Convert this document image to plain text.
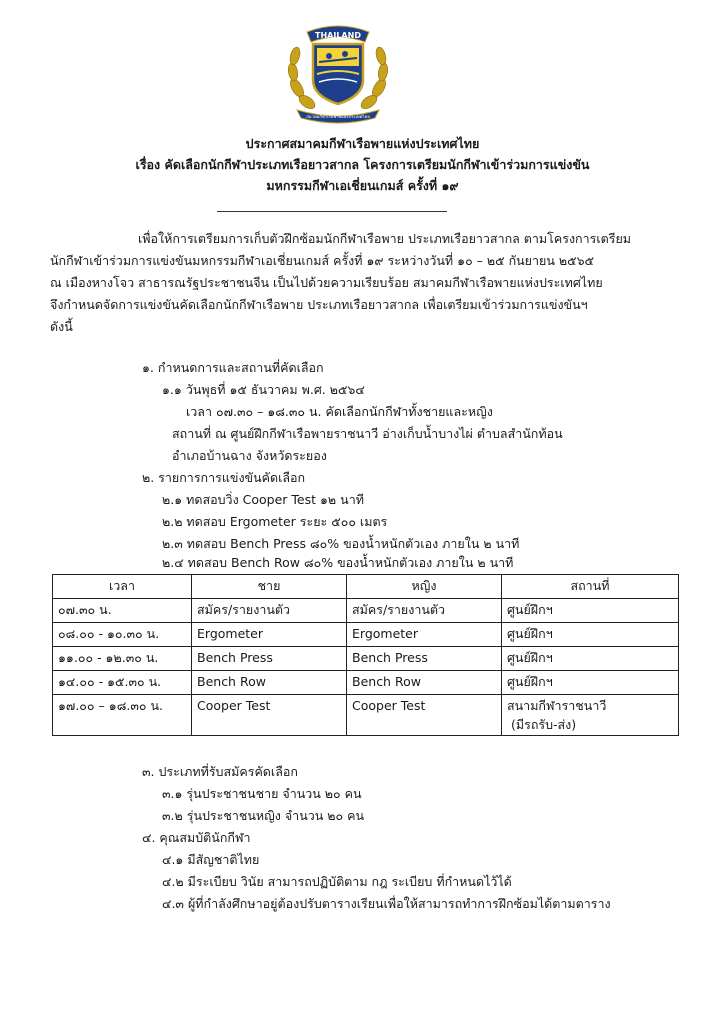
THAILAND
สมาคมกีฬาเรือพายแห่งประเทศไทย
ประกาศสมาคมกีฬาเรือพายแห่งประเทศไทย
เรื่อง คัดเลือกนักกีฬาประเภทเรือยาวสากล โครงการเตรียมนักกีฬาเข้าร่วมการแข่งขัน
มหกรรมกีฬาเอเชี่ยนเกมส์ ครั้งที่ ๑๙

เพื่อให้การเตรียมการเก็บตัวฝึกซ้อมนักกีฬาเรือพาย ประเภทเรือยาวสากล ตามโครงการเตรียม

นักกีฬาเข้าร่วมการแข่งขันมหกรรมกีฬาเอเชี่ยนเกมส์ ครั้งที่ ๑๙ ระหว่างวันที่ ๑๐ – ๒๕ กันยายน ๒๕๖๕

ณ เมืองหางโจว สาธารณรัฐประชาชนจีน เป็นไปด้วยความเรียบร้อย สมาคมกีฬาเรือพายแห่งประเทศไทย

จึงกำหนดจัดการแข่งขันคัดเลือกนักกีฬาเรือพาย ประเภทเรือยาวสากล เพื่อเตรียมเข้าร่วมการแข่งขันฯ

ดังนี้

๑. กำหนดการและสถานที่คัดเลือก
๑.๑ วันพุธที่ ๑๕ ธันวาคม พ.ศ. ๒๕๖๔
เวลา ๐๗.๓๐ – ๑๘.๓๐ น. คัดเลือกนักกีฬาทั้งชายและหญิง
สถานที่ ณ ศูนย์ฝึกกีฬาเรือพายราชนาวี อ่างเก็บน้ำบางไผ่ ตำบลสำนักท้อน
อำเภอบ้านฉาง จังหวัดระยอง
๒. รายการการแข่งขันคัดเลือก
๒.๑ ทดสอบวิ่ง Cooper Test ๑๒ นาที
๒.๒ ทดสอบ Ergometer ระยะ ๕๐๐ เมตร
๒.๓ ทดสอบ Bench Press ๘๐% ของน้ำหนักตัวเอง ภายใน ๒ นาที
๒.๔ ทดสอบ Bench Row ๘๐% ของน้ำหนักตัวเอง ภายใน ๒ นาที
เวลา	ชาย	หญิง	สถานที่
๐๗.๓๐ น.	สมัคร/รายงานตัว	สมัคร/รายงานตัว	ศูนย์ฝึกฯ
๐๘.๐๐ - ๑๐.๓๐ น.	Ergometer	Ergometer	ศูนย์ฝึกฯ
๑๑.๐๐ - ๑๒.๓๐ น.	Bench Press	Bench Press	ศูนย์ฝึกฯ
๑๔.๐๐ - ๑๕.๓๐ น.	Bench Row	Bench Row	ศูนย์ฝึกฯ
๑๗.๐๐ – ๑๘.๓๐ น.	Cooper Test	Cooper Test	สนามกีฬาราชนาวี
(มีรถรับ-ส่ง)
๓. ประเภทที่รับสมัครคัดเลือก
๓.๑ รุ่นประชาชนชาย จำนวน ๒๐ คน
๓.๒ รุ่นประชาชนหญิง จำนวน ๒๐ คน
๔. คุณสมบัตินักกีฬา
๔.๑ มีสัญชาติไทย
๔.๒ มีระเบียบ วินัย สามารถปฏิบัติตาม กฎ ระเบียบ ที่กำหนดไว้ได้
๔.๓ ผู้ที่กำลังศึกษาอยู่ต้องปรับตารางเรียนเพื่อให้สามารถทำการฝึกซ้อมได้ตามตาราง
